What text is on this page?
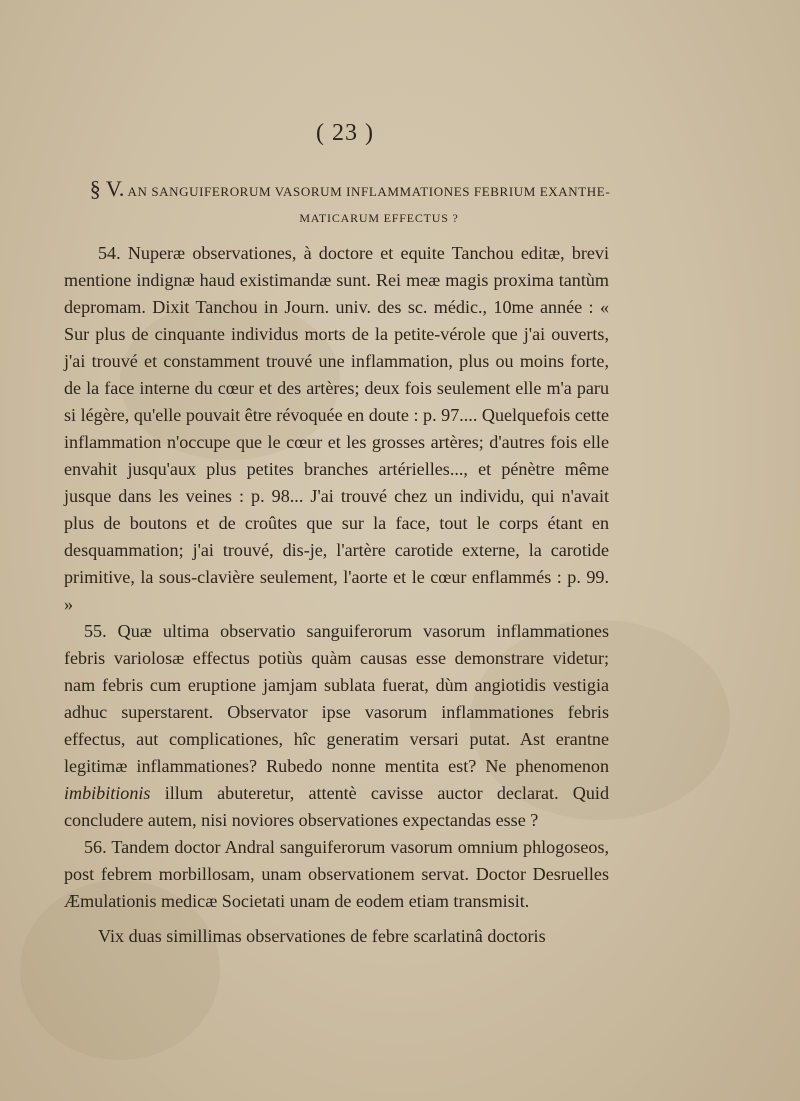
( 23 )
§ V. AN SANGUIFERORUM VASORUM INFLAMMATIONES FEBRIUM EXANTHE-
MATICARUM EFFECTUS ?

54. Nuperæ observationes, à doctore et equite Tanchou editæ, brevi mentione indignæ haud existimandæ sunt. Rei meæ magis proxima tantùm depromam. Dixit Tanchou in Journ. univ. des sc. médic., 10me année : « Sur plus de cinquante individus morts de la petite-vérole que j'ai ouverts, j'ai trouvé et constamment trouvé une inflammation, plus ou moins forte, de la face interne du cœur et des artères; deux fois seulement elle m'a paru si légère, qu'elle pouvait être révoquée en doute : p. 97.... Quelquefois cette inflammation n'occupe que le cœur et les grosses artères; d'autres fois elle envahit jusqu'aux plus petites branches artérielles..., et pénètre même jusque dans les veines : p. 98... J'ai trouvé chez un individu, qui n'avait plus de boutons et de croûtes que sur la face, tout le corps étant en desquammation; j'ai trouvé, dis-je, l'artère carotide externe, la carotide primitive, la sous-clavière seulement, l'aorte et le cœur enflammés : p. 99. »

55. Quæ ultima observatio sanguiferorum vasorum inflammationes febris variolosæ effectus potiùs quàm causas esse demonstrare videtur; nam febris cum eruptione jamjam sublata fuerat, dùm angiotidis vestigia adhuc superstarent. Observator ipse vasorum inflammationes febris effectus, aut complicationes, hîc generatim versari putat. Ast erantne legitimæ inflammationes? Rubedo nonne mentita est? Ne phenomenon imbibitionis illum abuteretur, attentè cavisse auctor declarat. Quid concludere autem, nisi noviores observationes expectandas esse ?

56. Tandem doctor Andral sanguiferorum vasorum omnium phlogoseos, post febrem morbillosam, unam observationem servat. Doctor Desruelles Æmulationis medicæ Societati unam de eodem etiam transmisit.

Vix duas simillimas observationes de febre scarlatinâ doctoris
